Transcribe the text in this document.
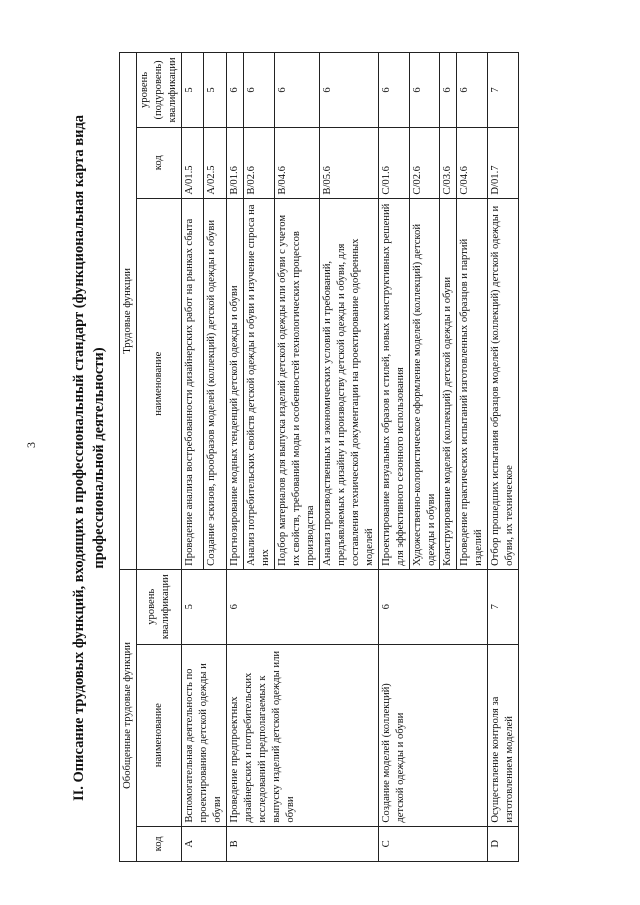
3 II. Описание трудовых функций, входящих в профессиональный стандарт (функциональная карта вида профессиональной деятельности)
Обобщенные трудовые функции			Трудовые функции		
код	наименование	уровень квалификации	наименование	код	уровень (подуровень) квалификации
A	Вспомогательная деятельность по проектированию детской одежды и обуви	5	Проведение анализа востребованности дизайнерских работ на рынках сбыта	A/01.5	5
			Создание эскизов, прообразов моделей (коллекций) детской одежды и обуви	A/02.5	5
B	Проведение предпроектных дизайнерских и потребительских исследований предполагаемых к выпуску изделий детской одежды или обуви	6	Прогнозирование модных тенденций детской одежды и обуви	B/01.6	6
			Анализ потребительских свойств детской одежды и обуви и изучение спроса на них	B/02.6	6
			Подбор материалов для выпуска изделий детской одежды или обуви с учетом их свойств, требований моды и особенностей технологических процессов производства	B/04.6	6
			Анализ производственных и экономических условий и требований, предъявляемых к дизайну и производству детской одежды и обуви, для составления технической документации на проектирование одобренных моделей	B/05.6	6
C	Создание моделей (коллекций) детской одежды и обуви	6	Проектирование визуальных образов и стилей, новых конструктивных решений для эффективного сезонного использования	C/01.6	6
			Художественно-колористическое оформление моделей (коллекций) детской одежды и обуви	C/02.6	6
			Конструирование моделей (коллекций) детской одежды и обуви	C/03.6	6
			Проведение практических испытаний изготовленных образцов и партий изделий	C/04.6	6
D	Осуществление контроля за изготовлением моделей	7	Отбор прошедших испытания образцов моделей (коллекций) детской одежды и обуви, их техническое	D/01.7	7
